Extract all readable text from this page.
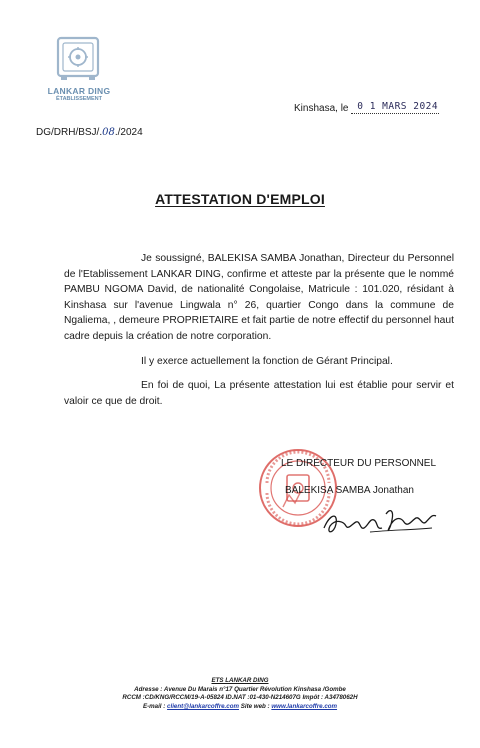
LANKAR DING
ÉTABLISSEMENT
Kinshasa, le 0 1 MARS 2024
DG/DRH/BSJ/.08./2024
ATTESTATION D'EMPLOI

Je soussigné, BALEKISA SAMBA Jonathan, Directeur du Personnel de l'Etablissement LANKAR DING, confirme et atteste par la présente que le nommé PAMBU NGOMA David, de nationalité Congolaise, Matricule : 101.020, résidant à Kinshasa sur l'avenue Lingwala n° 26, quartier Congo dans la commune de Ngaliema, , demeure PROPRIETAIRE et fait partie de notre effectif du personnel haut cadre depuis la création de notre corporation.

Il y exerce actuellement la fonction de Gérant Principal.

En foi de quoi, La présente attestation lui est établie pour servir et valoir ce que de droit.

LE DIRECTEUR DU PERSONNEL
BALEKISA SAMBA Jonathan
ETS LANKAR DING
Adresse : Avenue Du Marais n°17 Quartier Révolution Kinshasa /Gombe
RCCM :CD/KNG/RCCM/19-A-05824 ID.NAT :01-430-N214607G Impôt : A3478062H
E-mail : client@lankarcoffre.com Site web : www.lankarcoffre.com
